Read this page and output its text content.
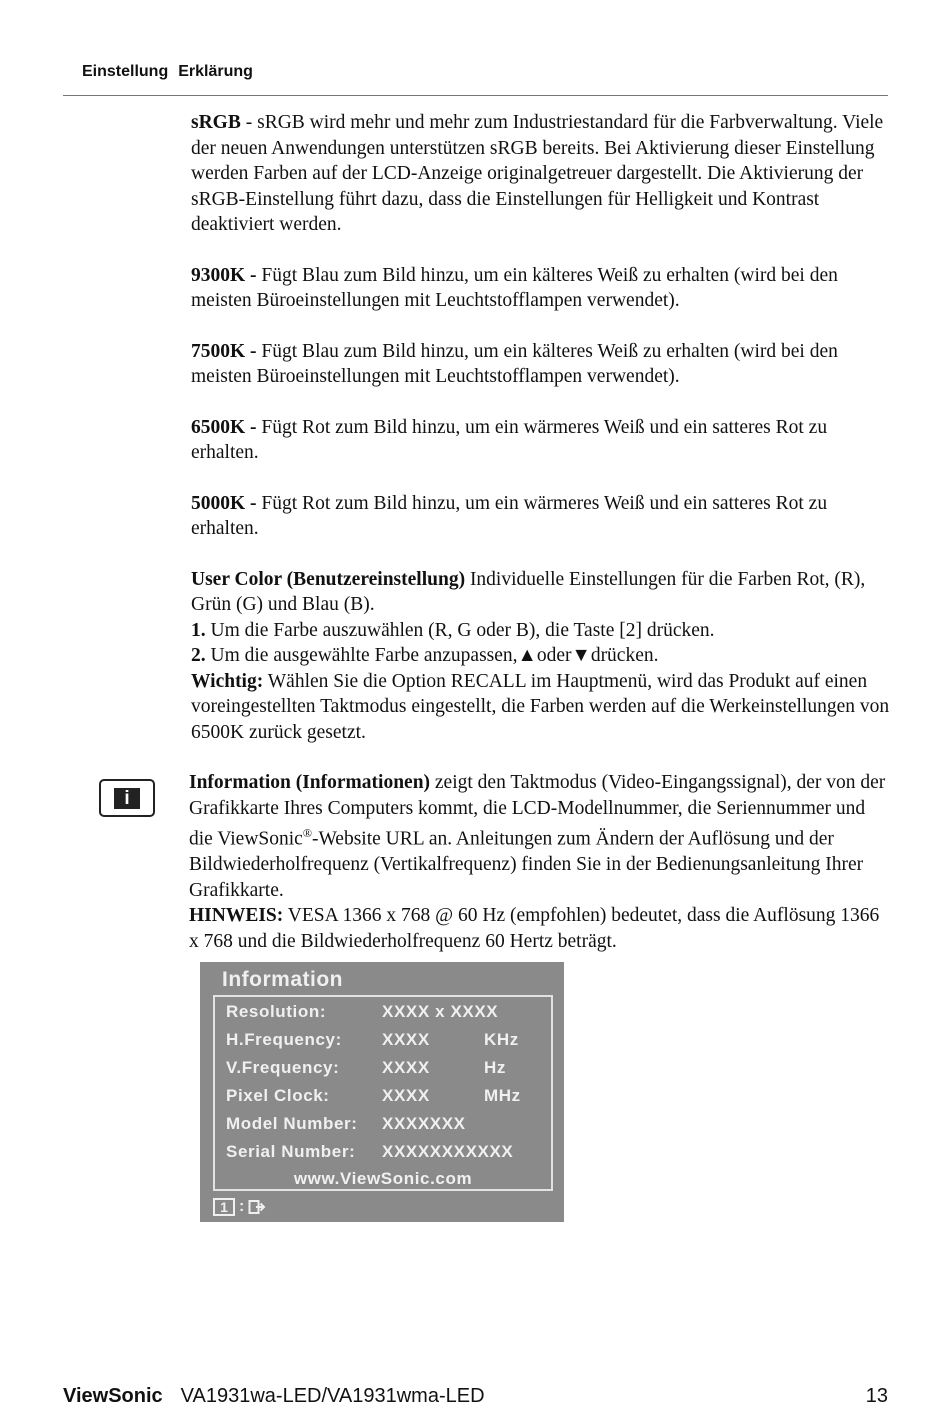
Einstellung Erklärung

sRGB - sRGB wird mehr und mehr zum Industriestandard für die Farbverwaltung. Viele der neuen Anwendungen unterstützen sRGB bereits. Bei Aktivierung dieser Einstellung werden Farben auf der LCD-Anzeige originalgetreuer dargestellt. Die Aktivierung der sRGB-Einstellung führt dazu, dass die Einstellungen für Helligkeit und Kontrast deaktiviert werden.

9300K - Fügt Blau zum Bild hinzu, um ein kälteres Weiß zu erhalten (wird bei den meisten Büroeinstellungen mit Leuchtstofflampen verwendet).

7500K - Fügt Blau zum Bild hinzu, um ein kälteres Weiß zu erhalten (wird bei den meisten Büroeinstellungen mit Leuchtstofflampen verwendet).

6500K - Fügt Rot zum Bild hinzu, um ein wärmeres Weiß und ein satteres Rot zu erhalten.

5000K - Fügt Rot zum Bild hinzu, um ein wärmeres Weiß und ein satteres Rot zu erhalten.

User Color (Benutzereinstellung) Individuelle Einstellungen für die Farben Rot, (R), Grün (G) und Blau (B).
1. Um die Farbe auszuwählen (R, G oder B), die Taste [2] drücken.
2. Um die ausgewählte Farbe anzupassen,▲oder▼drücken.
Wichtig: Wählen Sie die Option RECALL im Hauptmenü, wird das Produkt auf einen voreingestellten Taktmodus eingestellt, die Farben werden auf die Werkeinstellungen von 6500K zurück gesetzt.

i
Information (Informationen) zeigt den Taktmodus (Video-Eingangssignal), der von der Grafikkarte Ihres Computers kommt, die LCD-Modellnummer, die Seriennummer und die ViewSonic®-Website URL an. Anleitungen zum Ändern der Auflösung und der Bildwiederholfrequenz (Vertikalfrequenz) finden Sie in der Bedienungsanleitung Ihrer Grafikkarte.
HINWEIS: VESA 1366 x 768 @ 60 Hz (empfohlen) bedeutet, dass die Auflösung 1366 x 768 und die Bildwiederholfrequenz 60 Hertz beträgt.
Information
Resolution:	XXXX x XXXX
H.Frequency: XXXX	KHz
V.Frequency:	XXXX	Hz
Pixel Clock:	XXXX	MHz
Model Number: XXXXXXX
Serial Number: XXXXXXXXXXX
www.ViewSonic.com
1 :
ViewSonic VA1931wa-LED/VA1931wma-LED	13
